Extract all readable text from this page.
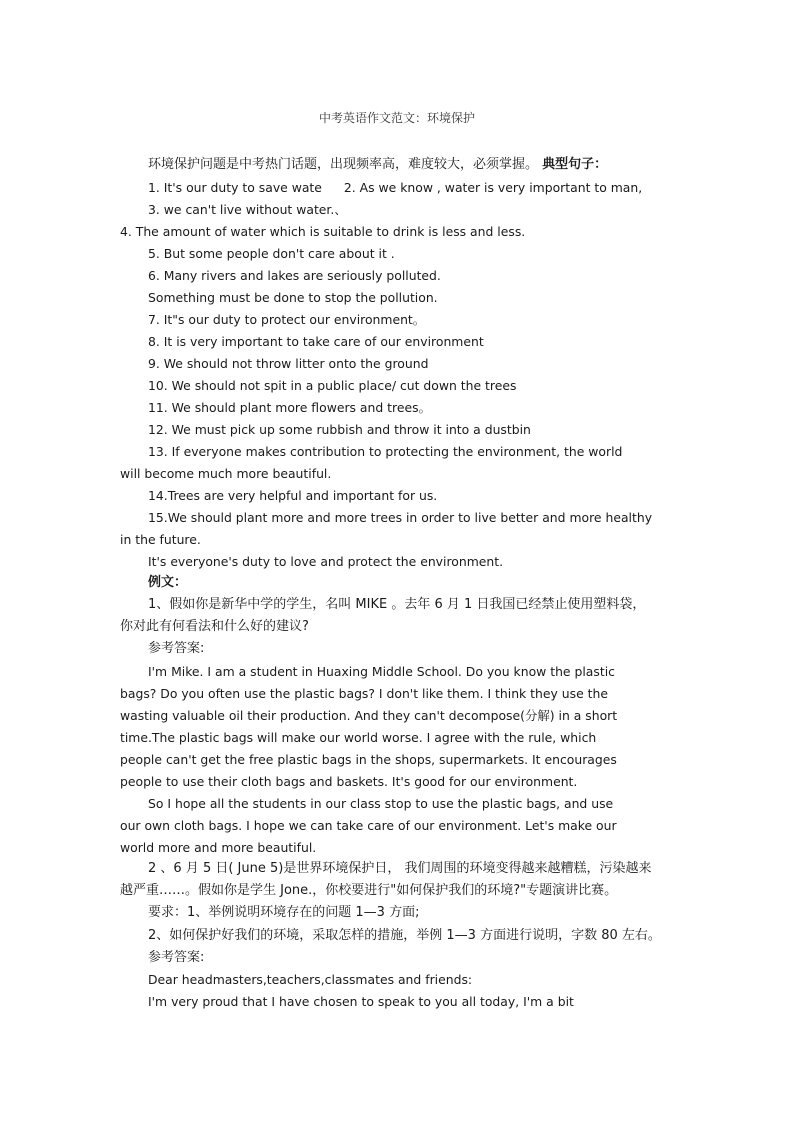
中考英语作文范文：环境保护
环境保护问题是中考热门话题，出现频率高，难度较大，必须掌握。 典型句子：
1. It's our duty to save wate 2. As we know , water is very important to man,
3. we can't live without water.、
4. The amount of water which is suitable to drink is less and less.
5. But some people don't care about it .
6. Many rivers and lakes are seriously polluted.
Something must be done to stop the pollution.
7. It"s our duty to protect our environment。
8. It is very important to take care of our environment
9. We should not throw litter onto the ground
10. We should not spit in a public place/ cut down the trees
11. We should plant more flowers and trees。
12. We must pick up some rubbish and throw it into a dustbin
13. If everyone makes contribution to protecting the environment, the world
will become much more beautiful.
14.Trees are very helpful and important for us.
15.We should plant more and more trees in order to live better and more healthy
in the future.
It's everyone's duty to love and protect the environment.
例文：
1、假如你是新华中学的学生，名叫 MIKE 。去年 6 月 1 日我国已经禁止使用塑料袋，
你对此有何看法和什么好的建议?
参考答案:
I'm Mike. I am a student in Huaxing Middle School. Do you know the plastic
bags? Do you often use the plastic bags? I don't like them. I think they use the
wasting valuable oil their production. And they can't decompose(分解) in a short
time.The plastic bags will make our world worse. I agree with the rule, which
people can't get the free plastic bags in the shops, supermarkets. It encourages
people to use their cloth bags and baskets. It's good for our environment.
So I hope all the students in our class stop to use the plastic bags, and use
our own cloth bags. I hope we can take care of our environment. Let's make our
world more and more beautiful.
2 、6 月 5 日( June 5)是世界环境保护日， 我们周围的环境变得越来越糟糕，污染越来
越严重……。假如你是学生 Jone.，你校要进行"如何保护我们的环境?"专题演讲比赛。
要求：1、举例说明环境存在的问题 1—3 方面;
2、如何保护好我们的环境，采取怎样的措施，举例 1—3 方面进行说明，字数 80 左右。
参考答案:
Dear headmasters,teachers,classmates and friends:
I'm very proud that I have chosen to speak to you all today, I'm a bit
